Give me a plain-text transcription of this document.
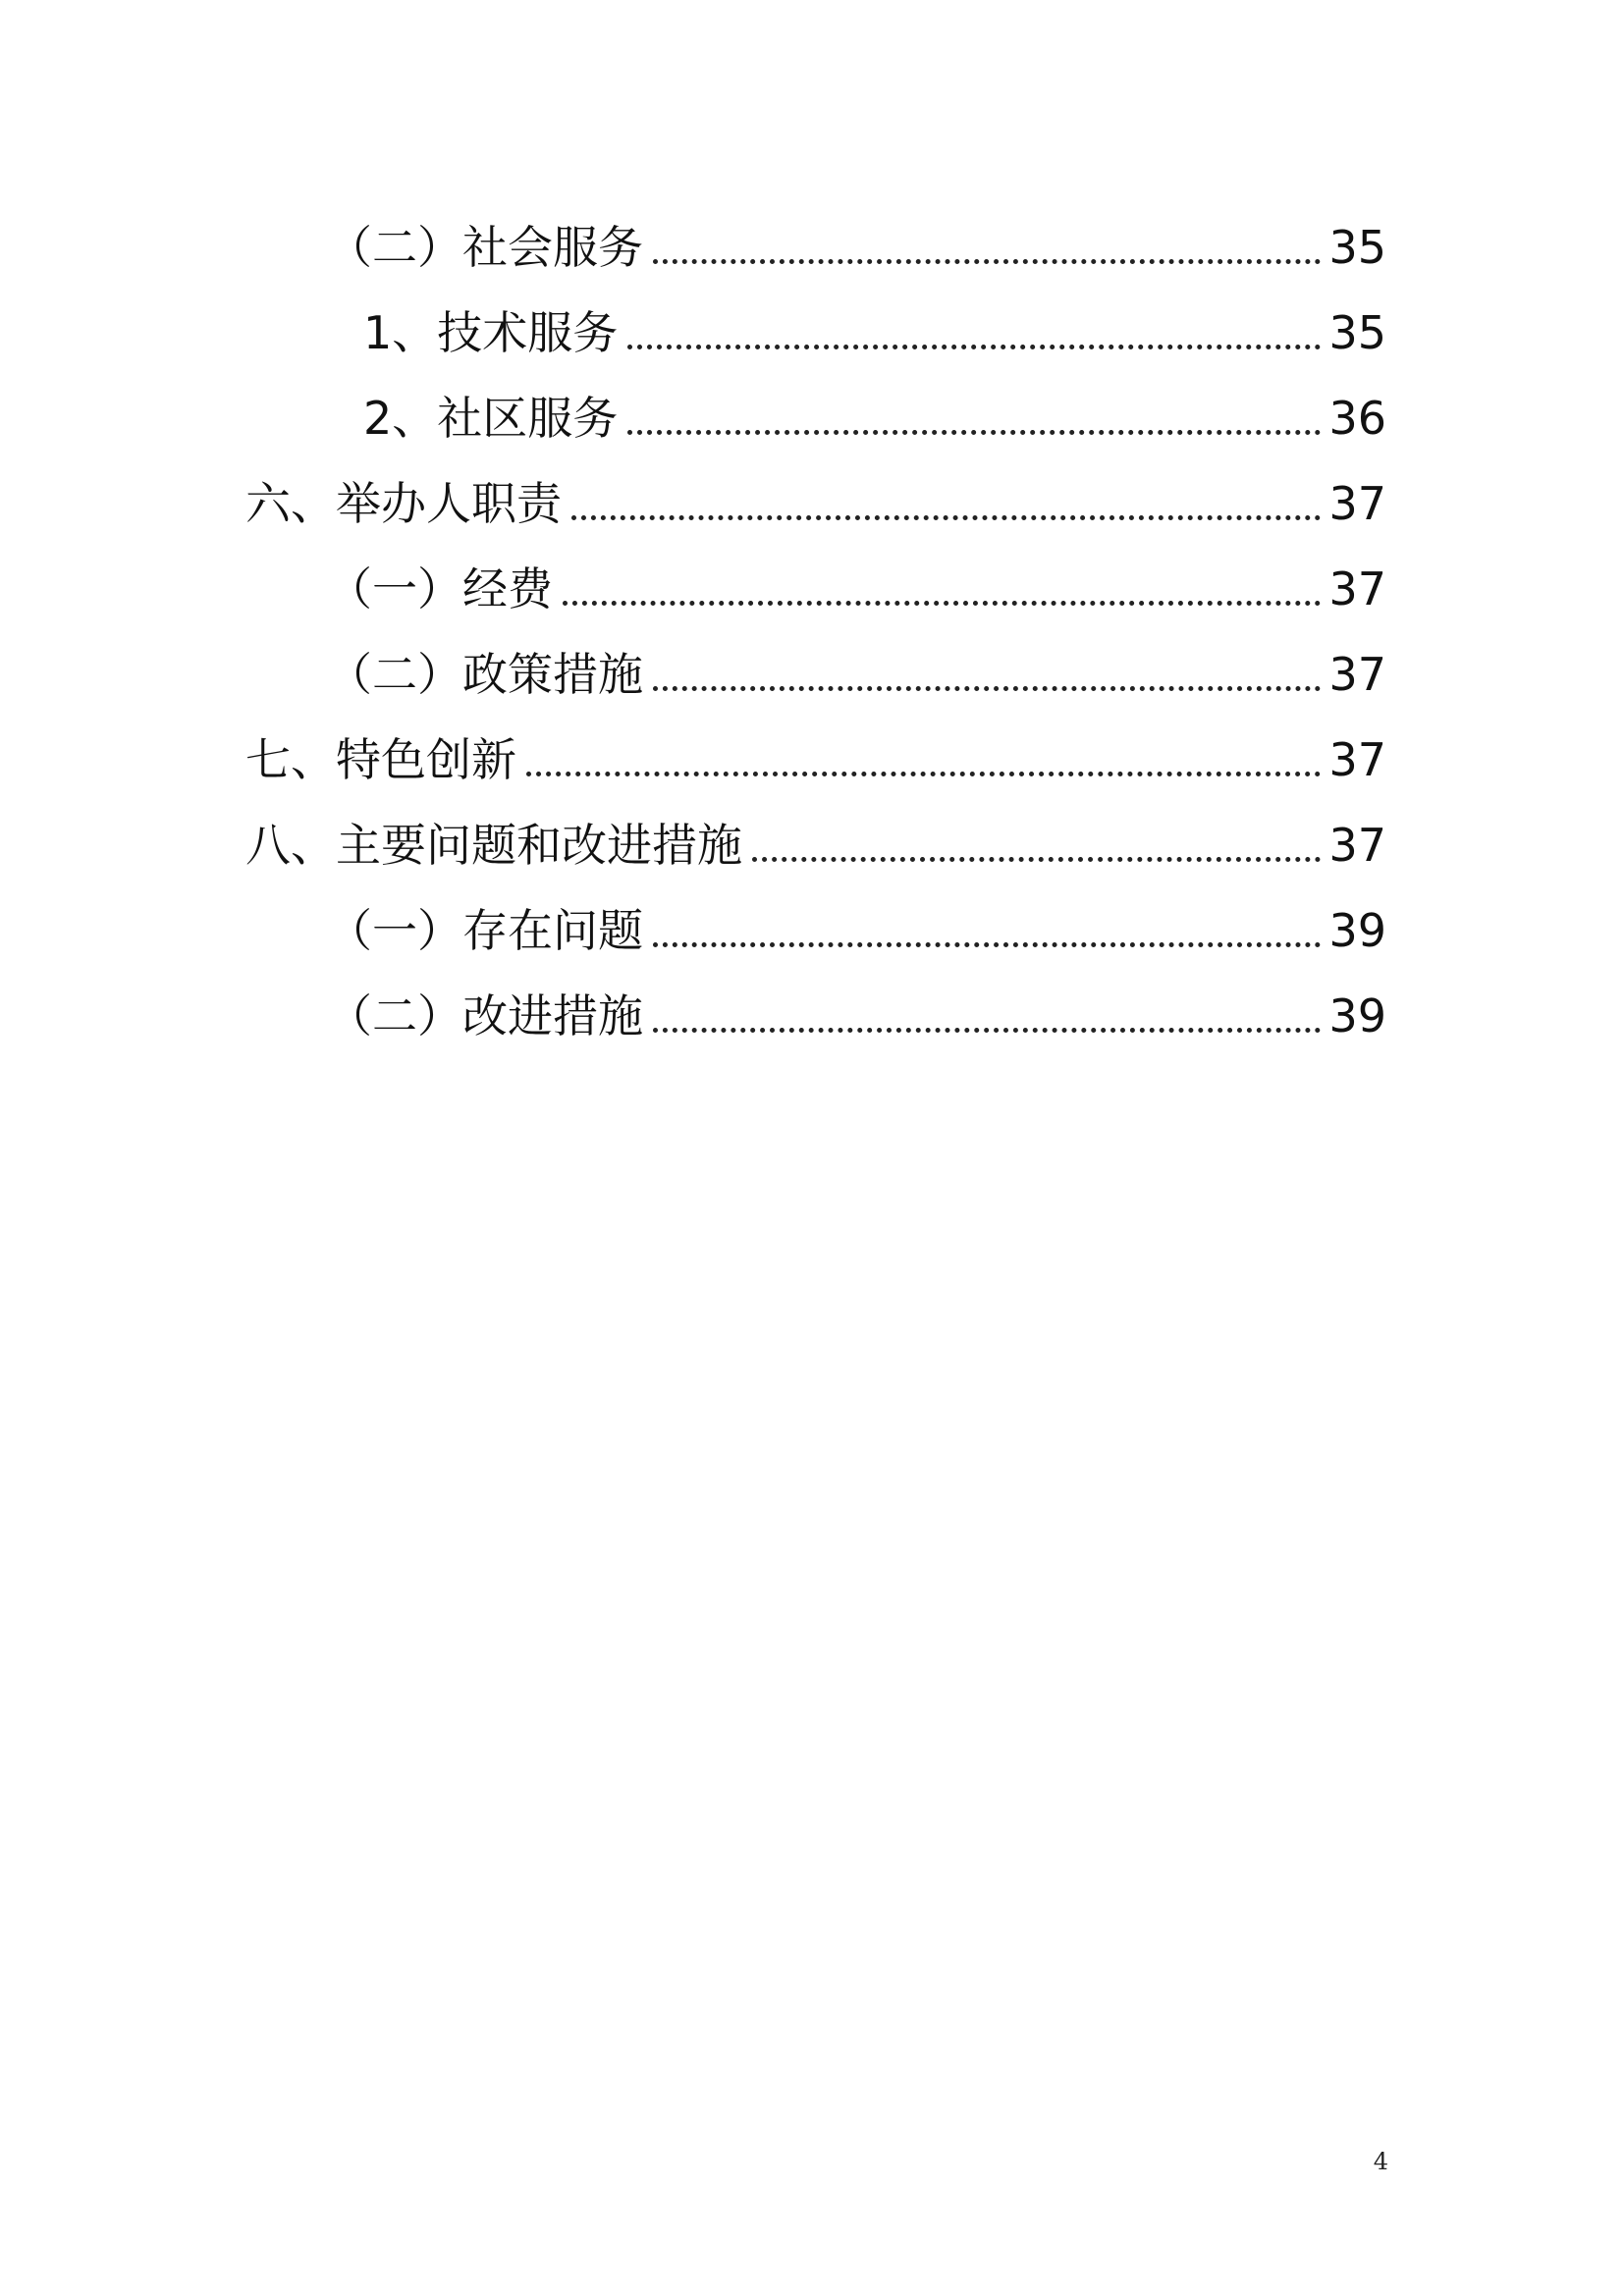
（二）社会服务	35
1、技术服务	35
2、社区服务	36
六、举办人职责	37
（一）经费	37
（二）政策措施	37
七、特色创新	37
八、主要问题和改进措施	37
（一）存在问题	39
（二）改进措施	39
4
